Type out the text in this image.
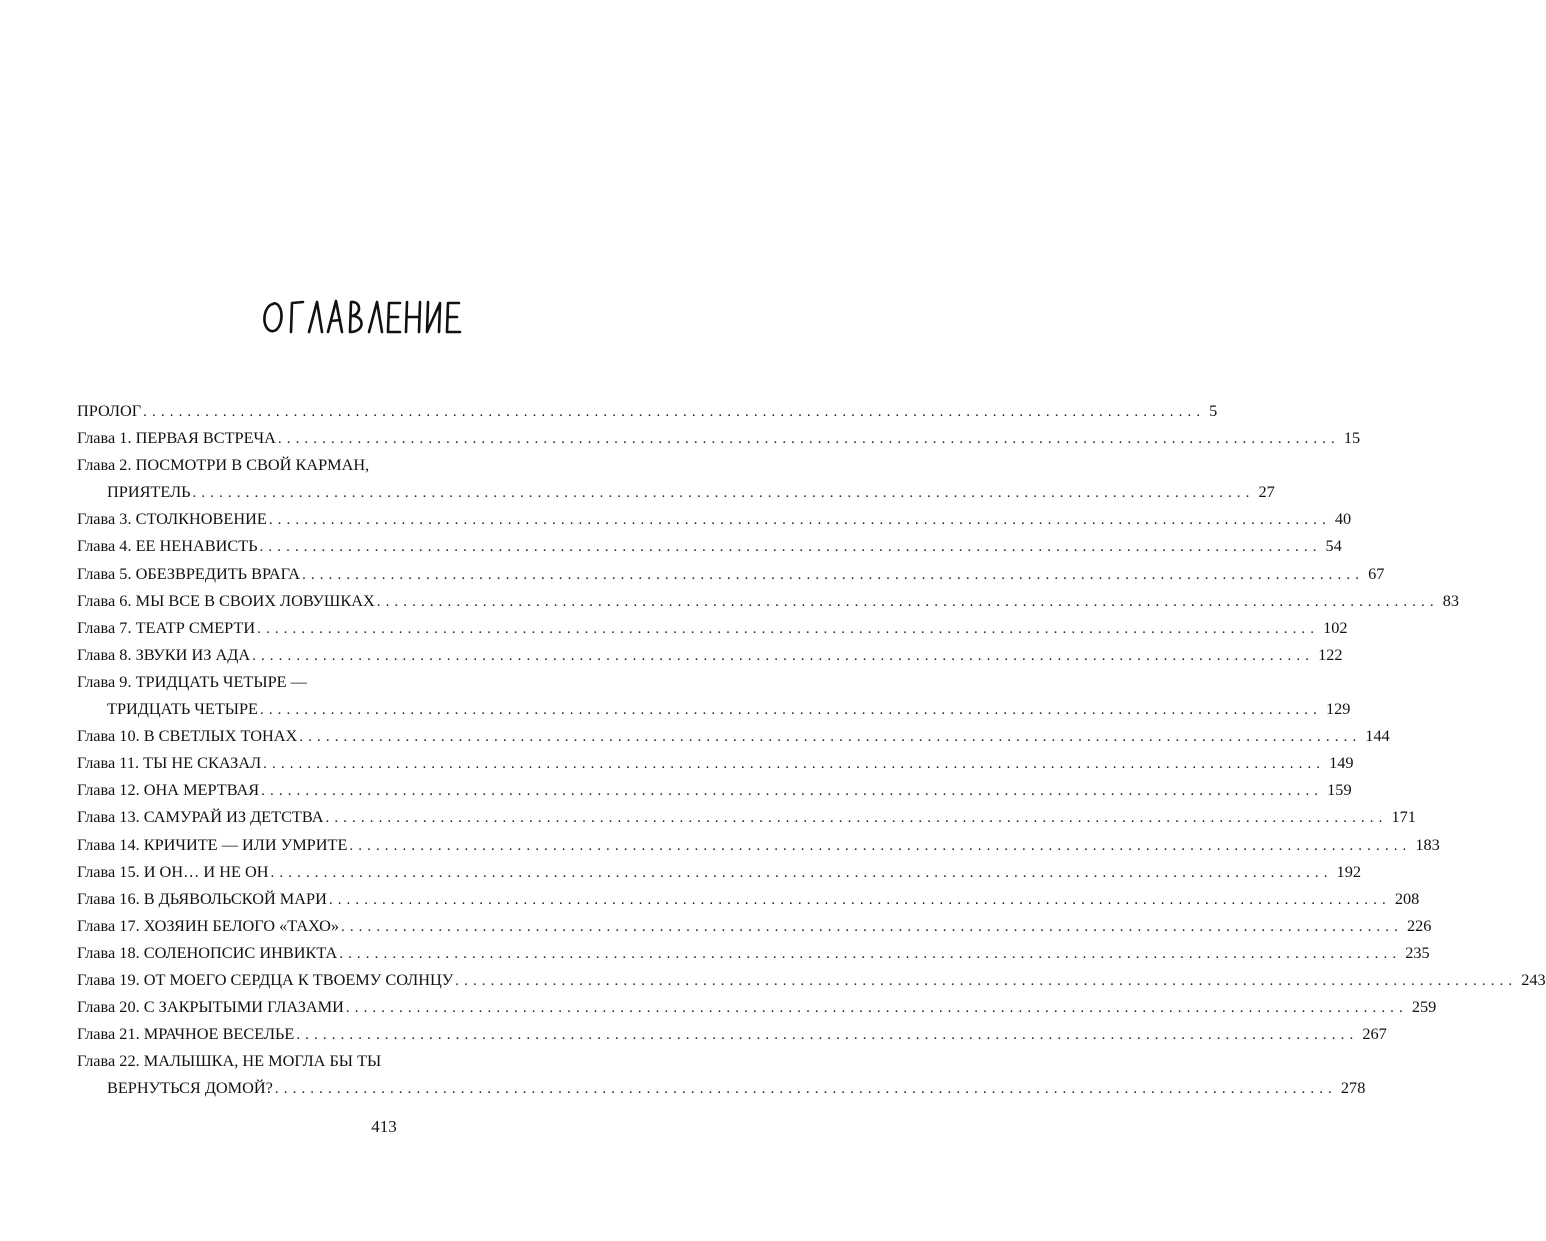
ПРОЛОГ ........................................................................................................................ 5
Глава 1. ПЕРВАЯ ВСТРЕЧА ........................................................................................................................ 15
Глава 2. ПОСМОТРИ В СВОЙ КАРМАН,
ПРИЯТЕЛЬ ........................................................................................................................ 27
Глава 3. СТОЛКНОВЕНИЕ ........................................................................................................................ 40
Глава 4. ЕЕ НЕНАВИСТЬ ........................................................................................................................ 54
Глава 5. ОБЕЗВРЕДИТЬ ВРАГА ........................................................................................................................ 67
Глава 6. МЫ ВСЕ В СВОИХ ЛОВУШКАХ ........................................................................................................................ 83
Глава 7. ТЕАТР СМЕРТИ ........................................................................................................................ 102
Глава 8. ЗВУКИ ИЗ АДА ........................................................................................................................ 122
Глава 9. ТРИДЦАТЬ ЧЕТЫРЕ —
ТРИДЦАТЬ ЧЕТЫРЕ ........................................................................................................................ 129
Глава 10. В СВЕТЛЫХ ТОНАХ ........................................................................................................................ 144
Глава 11. ТЫ НЕ СКАЗАЛ ........................................................................................................................ 149
Глава 12. ОНА МЕРТВАЯ ........................................................................................................................ 159
Глава 13. САМУРАЙ ИЗ ДЕТСТВА ........................................................................................................................ 171
Глава 14. КРИЧИТЕ — ИЛИ УМРИТЕ ........................................................................................................................ 183
Глава 15. И ОН… И НЕ ОН ........................................................................................................................ 192
Глава 16. В ДЬЯВОЛЬСКОЙ МАРИ ........................................................................................................................ 208
Глава 17. ХОЗЯИН БЕЛОГО «ТАХО» ........................................................................................................................ 226
Глава 18. СОЛЕНОПСИС ИНВИКТА ........................................................................................................................ 235
Глава 19. ОТ МОЕГО СЕРДЦА К ТВОЕМУ СОЛНЦУ ........................................................................................................................ 243
Глава 20. С ЗАКРЫТЫМИ ГЛАЗАМИ ........................................................................................................................ 259
Глава 21. МРАЧНОЕ ВЕСЕЛЬЕ ........................................................................................................................ 267
Глава 22. МАЛЫШКА, НЕ МОГЛА БЫ ТЫ
ВЕРНУТЬСЯ ДОМОЙ? ........................................................................................................................ 278
413
